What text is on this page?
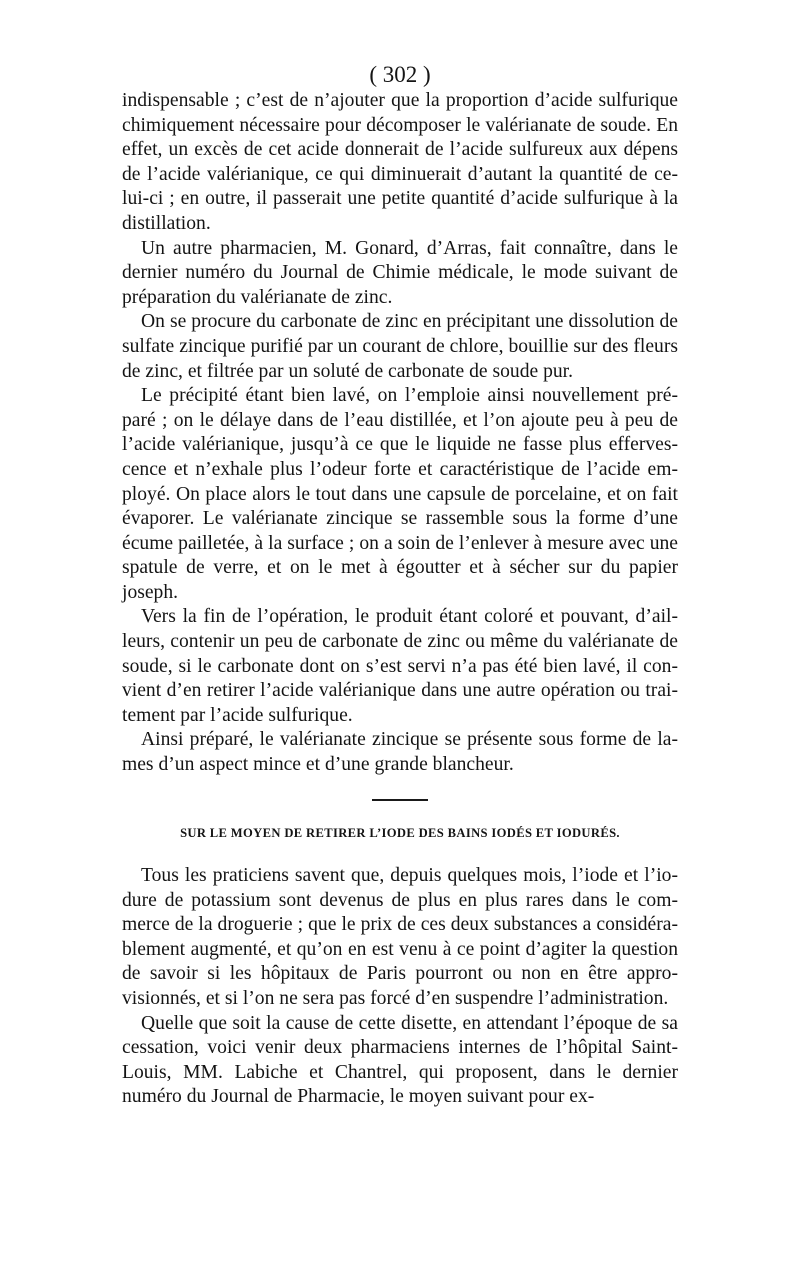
( 302 )

indispensable ; c’est de n’ajouter que la proportion d’acide sulfurique chimiquement nécessaire pour décomposer le valérianate de soude. En effet, un excès de cet acide donnerait de l’acide sulfureux aux dépens de l’acide valérianique, ce qui diminuerait d’autant la quantité de ce-lui-ci ; en outre, il passerait une petite quantité d’acide sulfurique à la distillation.

Un autre pharmacien, M. Gonard, d’Arras, fait connaître, dans le dernier numéro du Journal de Chimie médicale, le mode suivant de préparation du valérianate de zinc.

On se procure du carbonate de zinc en précipitant une dissolution de sulfate zincique purifié par un courant de chlore, bouillie sur des fleurs de zinc, et filtrée par un soluté de carbonate de soude pur.

Le précipité étant bien lavé, on l’emploie ainsi nouvellement pré-paré ; on le délaye dans de l’eau distillée, et l’on ajoute peu à peu de l’acide valérianique, jusqu’à ce que le liquide ne fasse plus efferves-cence et n’exhale plus l’odeur forte et caractéristique de l’acide em-ployé. On place alors le tout dans une capsule de porcelaine, et on fait évaporer. Le valérianate zincique se rassemble sous la forme d’une écume pailletée, à la surface ; on a soin de l’enlever à mesure avec une spatule de verre, et on le met à égoutter et à sécher sur du papier joseph.

Vers la fin de l’opération, le produit étant coloré et pouvant, d’ail-leurs, contenir un peu de carbonate de zinc ou même du valérianate de soude, si le carbonate dont on s’est servi n’a pas été bien lavé, il con-vient d’en retirer l’acide valérianique dans une autre opération ou trai-tement par l’acide sulfurique.

Ainsi préparé, le valérianate zincique se présente sous forme de la-mes d’un aspect mince et d’une grande blancheur.

SUR LE MOYEN DE RETIRER L’IODE DES BAINS IODÉS ET IODURÉS.

Tous les praticiens savent que, depuis quelques mois, l’iode et l’io-dure de potassium sont devenus de plus en plus rares dans le com-merce de la droguerie ; que le prix de ces deux substances a considéra-blement augmenté, et qu’on en est venu à ce point d’agiter la question de savoir si les hôpitaux de Paris pourront ou non en être appro-visionnés, et si l’on ne sera pas forcé d’en suspendre l’administration.

Quelle que soit la cause de cette disette, en attendant l’époque de sa cessation, voici venir deux pharmaciens internes de l’hôpital Saint-Louis, MM. Labiche et Chantrel, qui proposent, dans le dernier numéro du Journal de Pharmacie, le moyen suivant pour ex-
